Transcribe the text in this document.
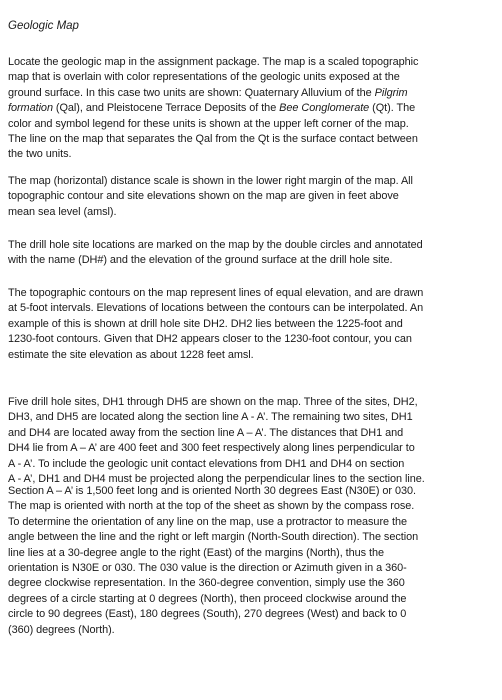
Geologic Map

Locate the geologic map in the assignment package. The map is a scaled topographic
map that is overlain with color representations of the geologic units exposed at the
ground surface. In this case two units are shown: Quaternary Alluvium of the Pilgrim
formation (Qal), and Pleistocene Terrace Deposits of the Bee Conglomerate (Qt). The
color and symbol legend for these units is shown at the upper left corner of the map.
The line on the map that separates the Qal from the Qt is the surface contact between
the two units.

The map (horizontal) distance scale is shown in the lower right margin of the map. All
topographic contour and site elevations shown on the map are given in feet above
mean sea level (amsl).

The drill hole site locations are marked on the map by the double circles and annotated
with the name (DH#) and the elevation of the ground surface at the drill hole site.

The topographic contours on the map represent lines of equal elevation, and are drawn
at 5-foot intervals. Elevations of locations between the contours can be interpolated. An
example of this is shown at drill hole site DH2. DH2 lies between the 1225-foot and
1230-foot contours. Given that DH2 appears closer to the 1230-foot contour, you can
estimate the site elevation as about 1228 feet amsl.

Five drill hole sites, DH1 through DH5 are shown on the map. Three of the sites, DH2,
DH3, and DH5 are located along the section line A - A’. The remaining two sites, DH1
and DH4 are located away from the section line A – A’. The distances that DH1 and
DH4 lie from A – A’ are 400 feet and 300 feet respectively along lines perpendicular to
A - A’. To include the geologic unit contact elevations from DH1 and DH4 on section
A - A’, DH1 and DH4 must be projected along the perpendicular lines to the section line.

Section A – A’ is 1,500 feet long and is oriented North 30 degrees East (N30E) or 030.
The map is oriented with north at the top of the sheet as shown by the compass rose.
To determine the orientation of any line on the map, use a protractor to measure the
angle between the line and the right or left margin (North-South direction). The section
line lies at a 30-degree angle to the right (East) of the margins (North), thus the
orientation is N30E or 030. The 030 value is the direction or Azimuth given in a 360-
degree clockwise representation. In the 360-degree convention, simply use the 360
degrees of a circle starting at 0 degrees (North), then proceed clockwise around the
circle to 90 degrees (East), 180 degrees (South), 270 degrees (West) and back to 0
(360) degrees (North).
